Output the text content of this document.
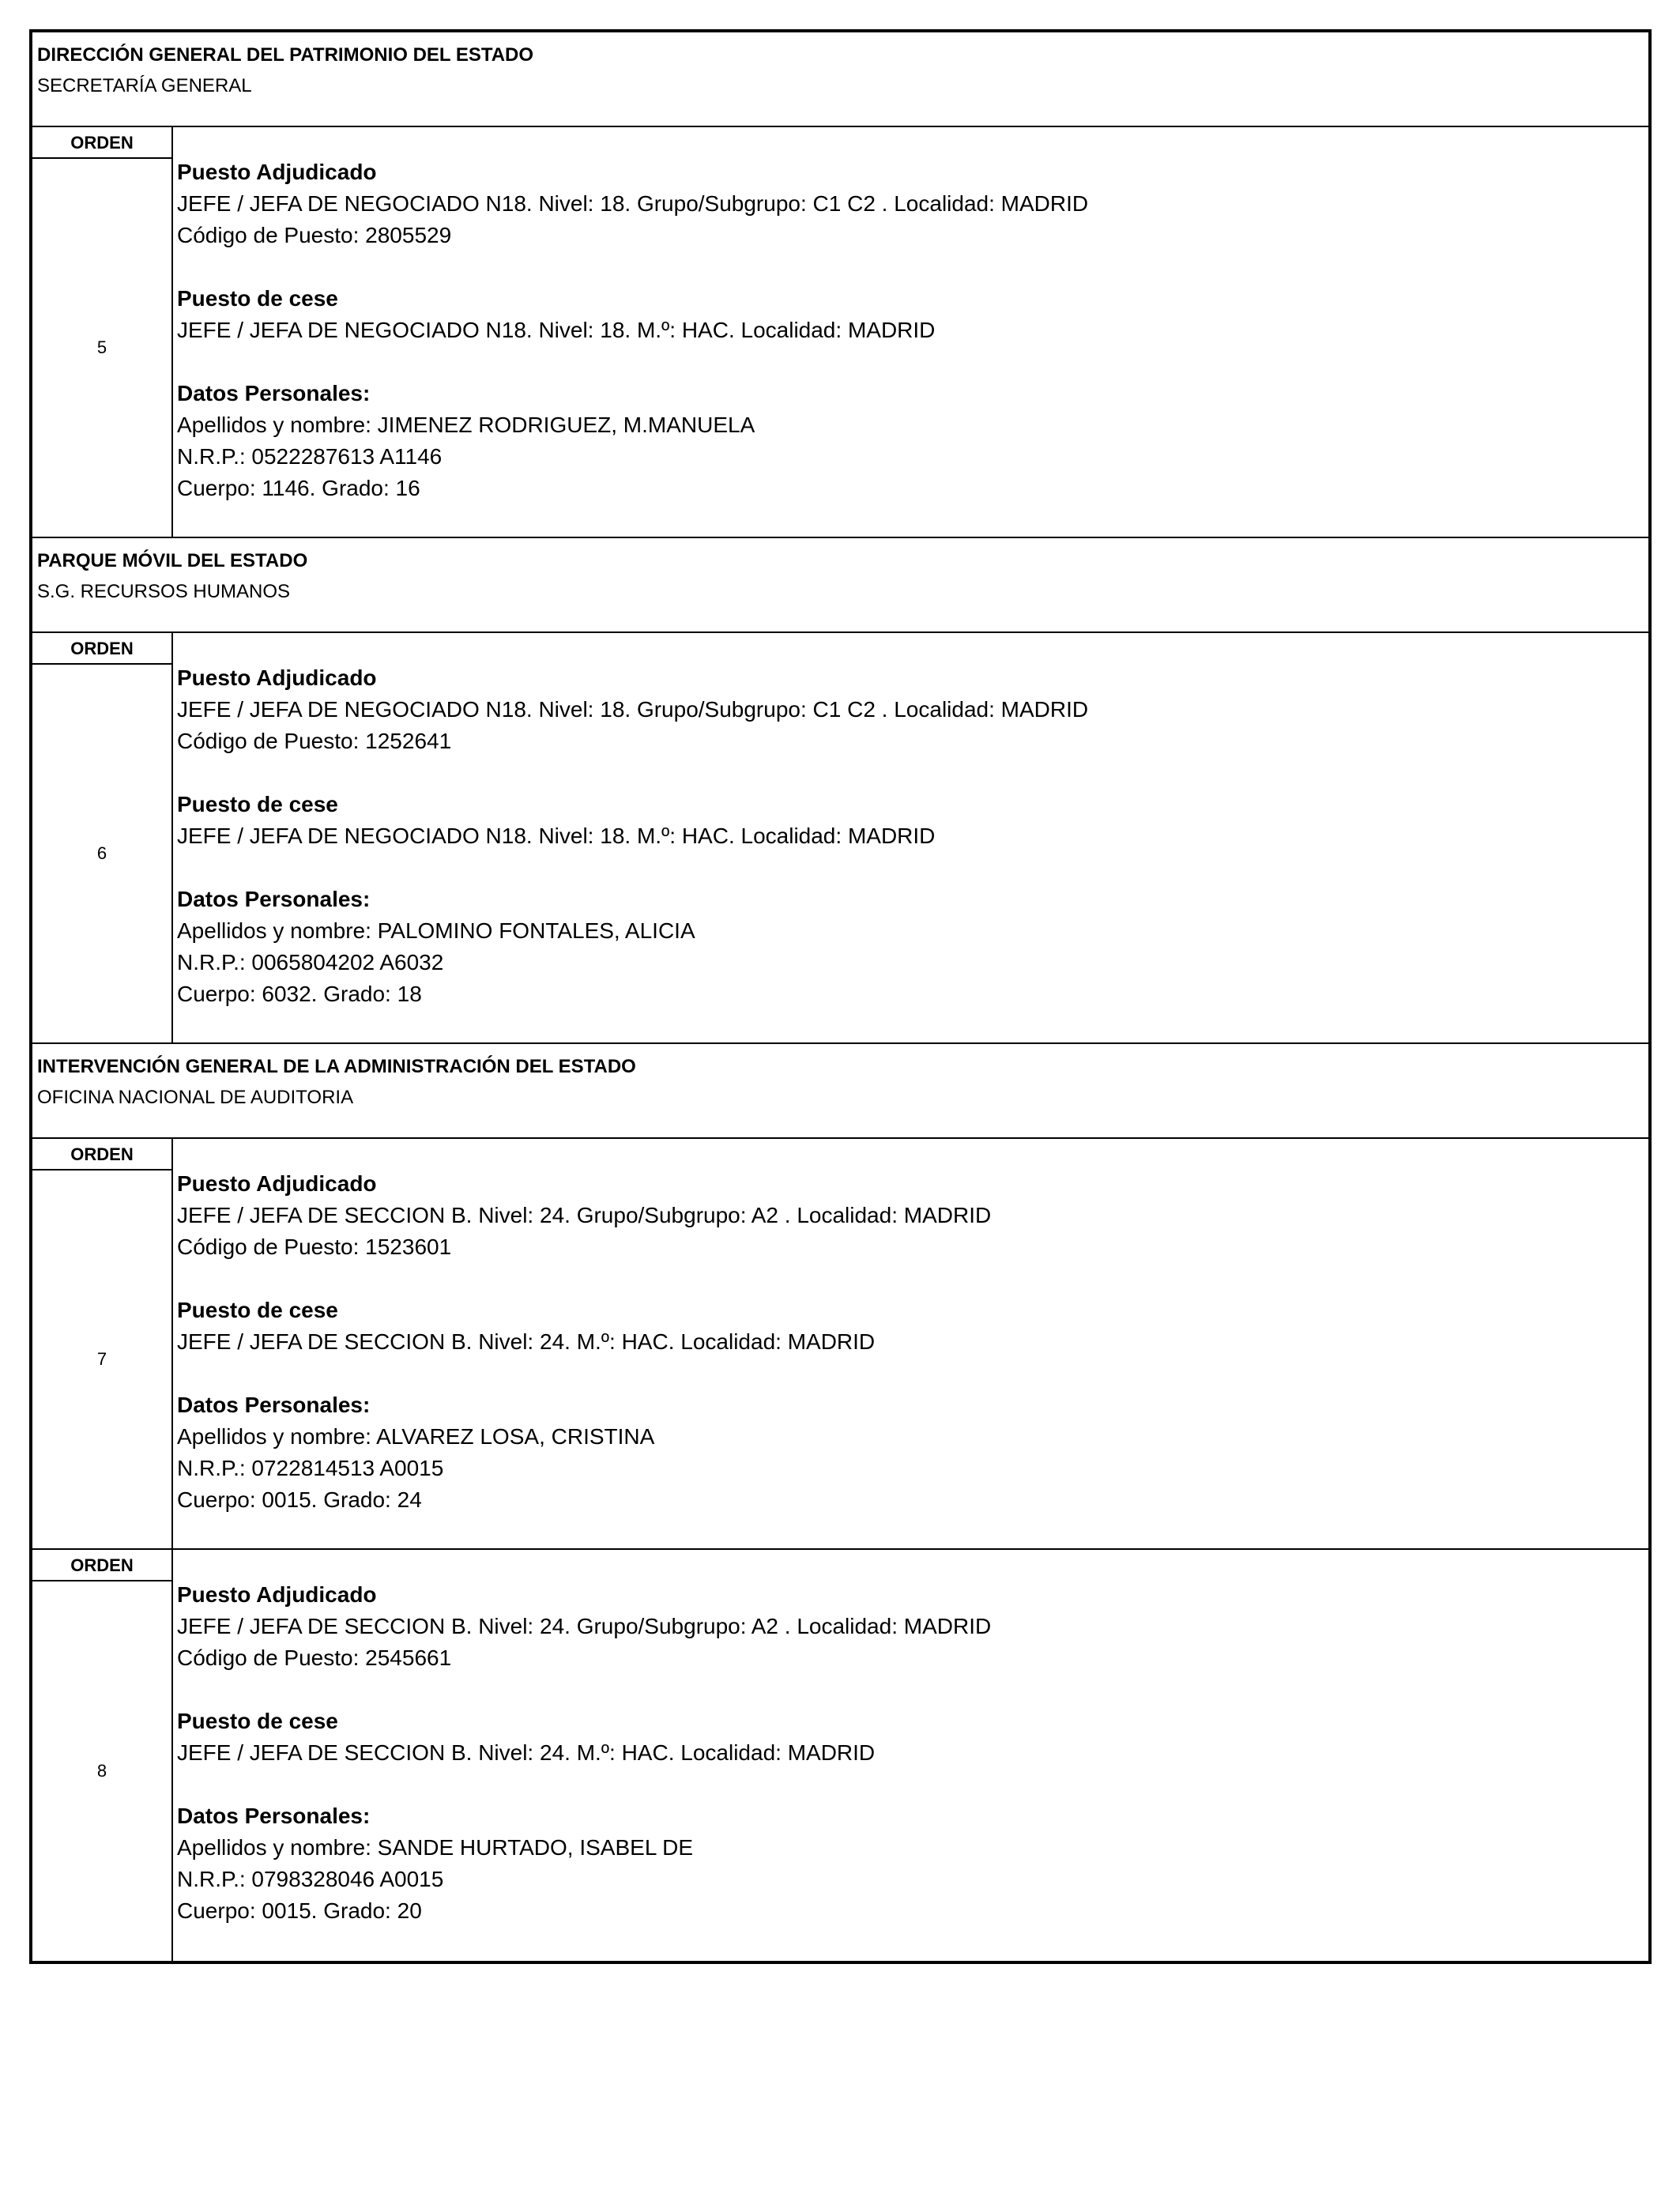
DIRECCIÓN GENERAL DEL PATRIMONIO DEL ESTADO
SECRETARÍA GENERAL
ORDEN
5
Puesto Adjudicado
JEFE / JEFA DE NEGOCIADO N18. Nivel: 18. Grupo/Subgrupo: C1 C2 . Localidad: MADRID
Código de Puesto: 2805529
Puesto de cese
JEFE / JEFA DE NEGOCIADO N18. Nivel: 18. M.º: HAC. Localidad: MADRID
Datos Personales:
Apellidos y nombre: JIMENEZ RODRIGUEZ, M.MANUELA
N.R.P.: 0522287613 A1146
Cuerpo: 1146. Grado: 16
PARQUE MÓVIL DEL ESTADO
S.G. RECURSOS HUMANOS
ORDEN
6
Puesto Adjudicado
JEFE / JEFA DE NEGOCIADO N18. Nivel: 18. Grupo/Subgrupo: C1 C2 . Localidad: MADRID
Código de Puesto: 1252641
Puesto de cese
JEFE / JEFA DE NEGOCIADO N18. Nivel: 18. M.º: HAC. Localidad: MADRID
Datos Personales:
Apellidos y nombre: PALOMINO FONTALES, ALICIA
N.R.P.: 0065804202 A6032
Cuerpo: 6032. Grado: 18
INTERVENCIÓN GENERAL DE LA ADMINISTRACIÓN DEL ESTADO
OFICINA NACIONAL DE AUDITORIA
ORDEN
7
Puesto Adjudicado
JEFE / JEFA DE SECCION B. Nivel: 24. Grupo/Subgrupo: A2 . Localidad: MADRID
Código de Puesto: 1523601
Puesto de cese
JEFE / JEFA DE SECCION B. Nivel: 24. M.º: HAC. Localidad: MADRID
Datos Personales:
Apellidos y nombre: ALVAREZ LOSA, CRISTINA
N.R.P.: 0722814513 A0015
Cuerpo: 0015. Grado: 24
ORDEN
8
Puesto Adjudicado
JEFE / JEFA DE SECCION B. Nivel: 24. Grupo/Subgrupo: A2 . Localidad: MADRID
Código de Puesto: 2545661
Puesto de cese
JEFE / JEFA DE SECCION B. Nivel: 24. M.º: HAC. Localidad: MADRID
Datos Personales:
Apellidos y nombre: SANDE HURTADO, ISABEL DE
N.R.P.: 0798328046 A0015
Cuerpo: 0015. Grado: 20
